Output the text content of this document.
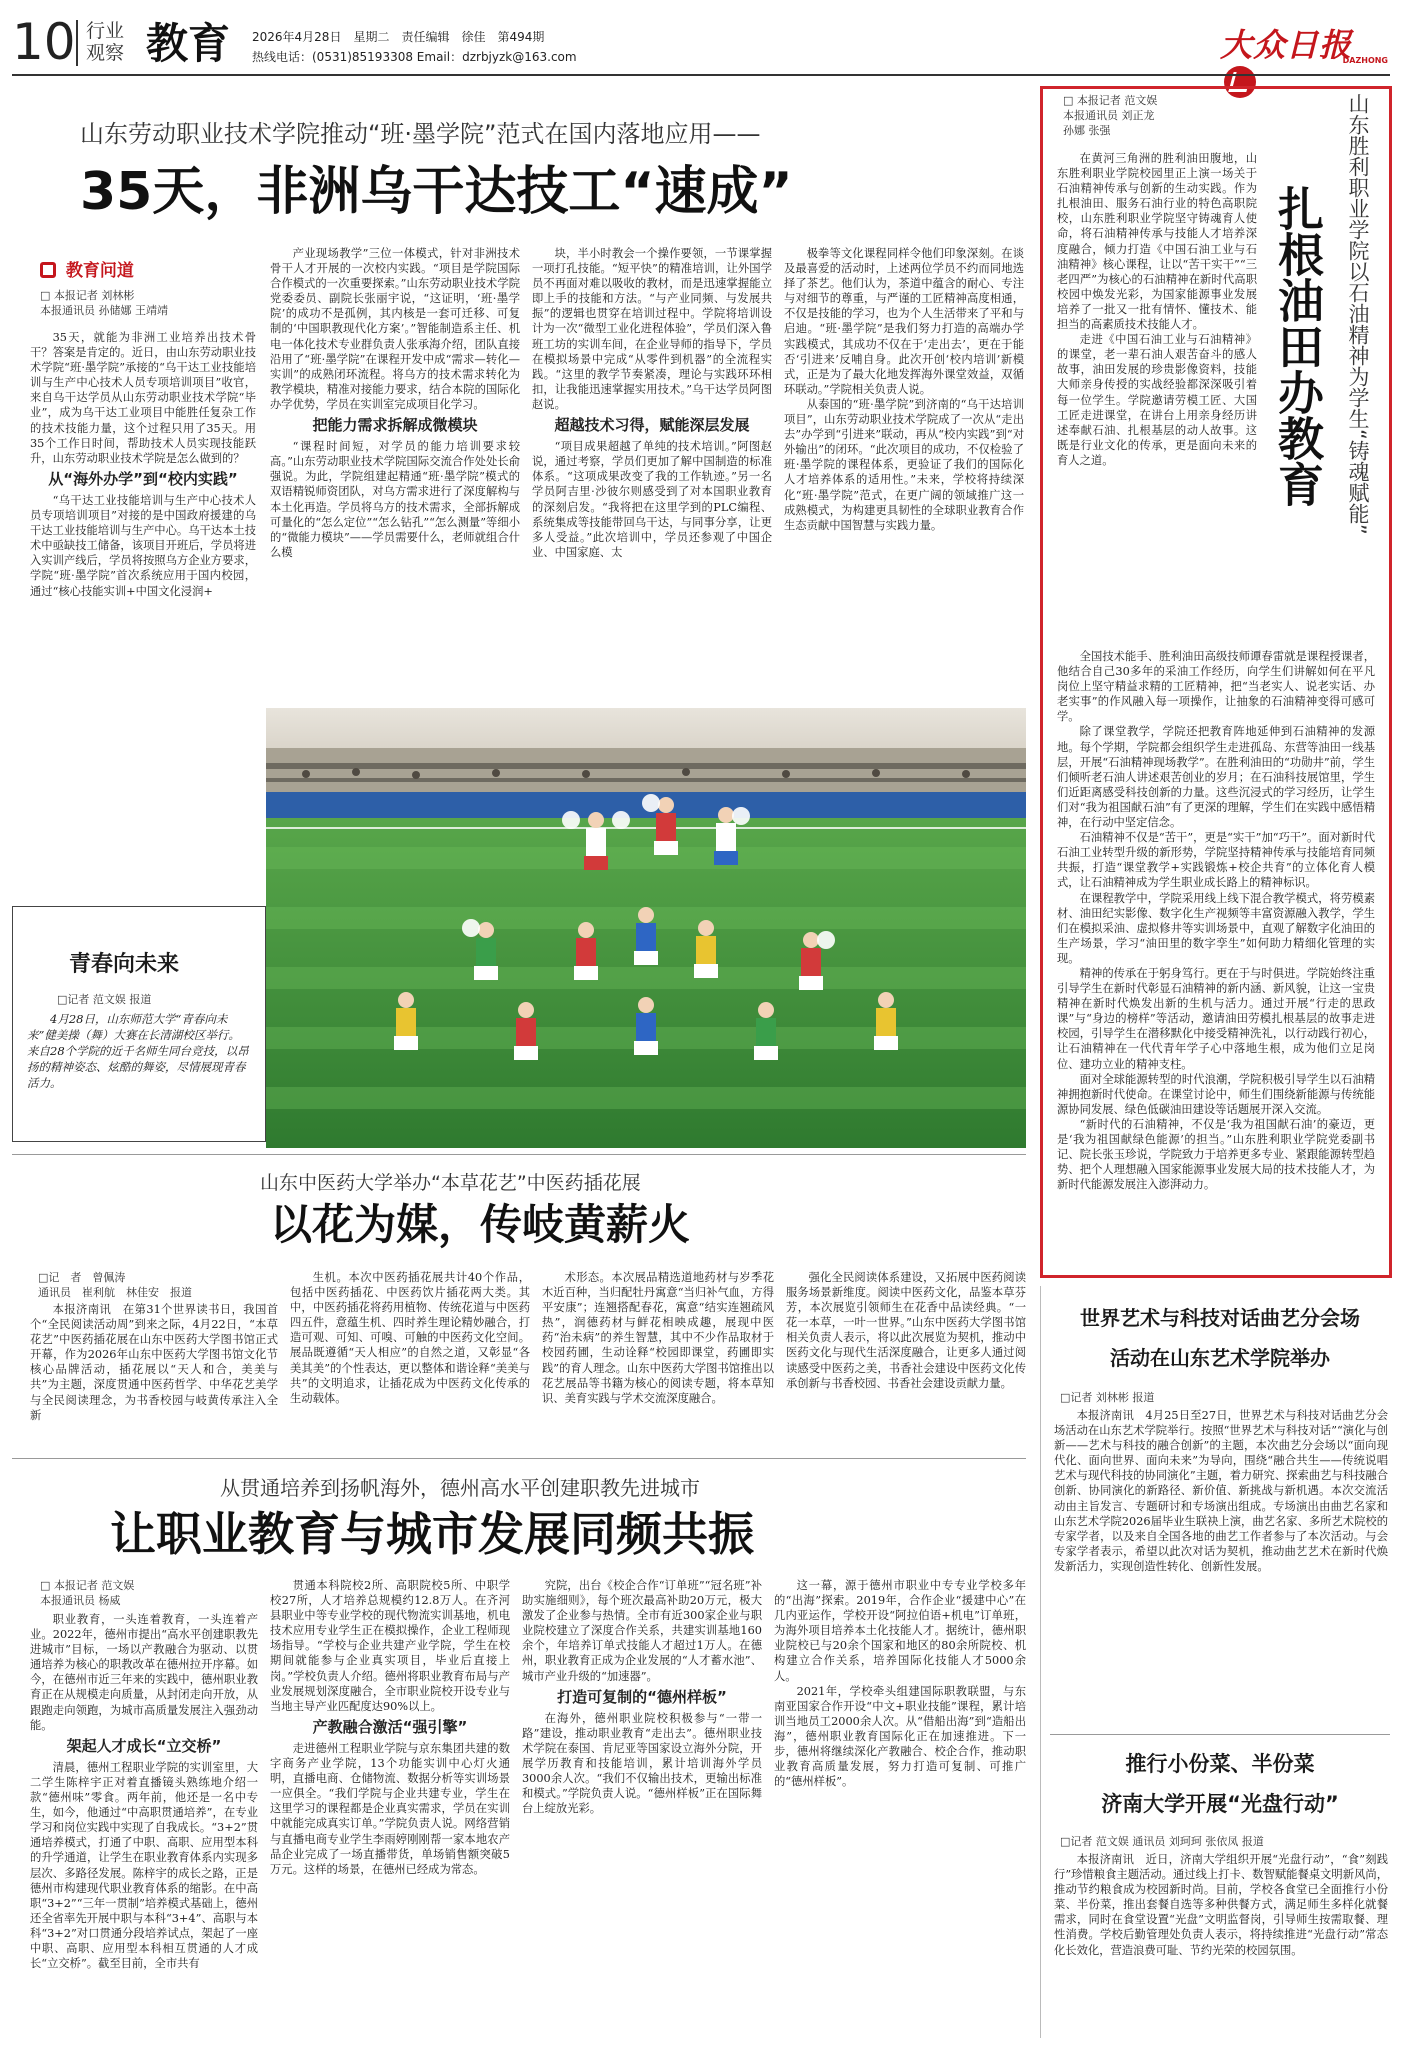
10 行业
观察 教育 2026年4月28日　星期二　责任编辑　徐佳　第494期
热线电话：(0531)85193308 Email：dzrbjyzk@163.com	大众日报
DAZHONG
山东劳动职业技术学院推动“班·墨学院”范式在国内落地应用——
35天，非洲乌干达技工“速成”
教育问道
□ 本报记者 刘林彬
本报通讯员 孙储娜 王靖靖

35天，就能为非洲工业培养出技术骨干？答案是肯定的。近日，由山东劳动职业技术学院“班·墨学院”承接的“乌干达工业技能培训与生产中心技术人员专项培训项目”收官，来自乌干达学员从山东劳动职业技术学院“毕业”，成为乌干达工业项目中能胜任复杂工作的技术技能力量，这个过程只用了35天。用35个工作日时间，帮助技术人员实现技能跃升，山东劳动职业技术学院是怎么做到的？

从“海外办学”到“校内实践”

“乌干达工业技能培训与生产中心技术人员专项培训项目”对接的是中国政府援建的乌干达工业技能培训与生产中心。乌干达本土技术中亟缺技工储备，该项目开班后，学员将进入实训产线后，学员将按照乌方企业方要求，学院“班·墨学院”首次系统应用于国内校园，通过“核心技能实训+中国文化浸润+

产业现场教学”三位一体模式，针对非洲技术骨干人才开展的一次校内实践。“项目是学院国际合作模式的一次重要探索。”山东劳动职业技术学院党委委员、副院长张丽宇说，“这证明，‘班·墨学院’的成功不是孤例，其内核是一套可迁移、可复制的‘中国职教现代化方案’。”智能制造系主任、机电一体化技术专业群负责人张承海介绍，团队直接沿用了“班·墨学院”在课程开发中成“需求—转化—实训”的成熟闭环流程。将乌方的技术需求转化为教学模块，精准对接能力要求，结合本院的国际化办学优势，学员在实训室完成项目化学习。

把能力需求拆解成微模块

“课程时间短，对学员的能力培训要求较高。”山东劳动职业技术学院国际交流合作处处长俞强说。为此，学院组建起精通“班·墨学院”模式的双语精锐师资团队，对乌方需求进行了深度解构与本土化再造。学员将乌方的技术需求，全部拆解成可量化的“怎么定位”“怎么钻孔”“怎么测量”等细小的“微能力模块”——学员需要什么，老师就组合什么模

块，半小时教会一个操作要领，一节课掌握一项打孔技能。“短平快”的精准培训，让外国学员不再面对难以吸收的教材，而是迅速掌握能立即上手的技能和方法。“与产业同频、与发展共振”的逻辑也贯穿在培训过程中。学院将培训设计为一次“微型工业化进程体验”，学员们深入鲁班工坊的实训车间，在企业导师的指导下，学员在模拟场景中完成“从零件到机器”的全流程实践。“这里的教学节奏紧凑，理论与实践环环相扣，让我能迅速掌握实用技术。”乌干达学员阿图赵说。

超越技术习得，赋能深层发展

“项目成果超越了单纯的技术培训。”阿图赵说，通过考察，学员们更加了解中国制造的标准体系。“这项成果改变了我的工作轨迹。”另一名学员阿吉里·沙彼尔则感受到了对本国职业教育的深刻启发。“我将把在这里学到的PLC编程、系统集成等技能带回乌干达，与同事分享，让更多人受益。”此次培训中，学员还参观了中国企业、中国家庭、太

极拳等文化课程同样令他们印象深刻。在谈及最喜爱的活动时，上述两位学员不约而同地选择了茶艺。他们认为，茶道中蕴含的耐心、专注与对细节的尊重，与严谨的工匠精神高度相通，不仅是技能的学习，也为个人生活带来了平和与启迪。“班·墨学院”是我们努力打造的高端办学实践模式，其成功不仅在于‘走出去’，更在于能否‘引进来’反哺自身。此次开创‘校内培训’新模式，正是为了最大化地发挥海外课堂效益，双循环联动。”学院相关负责人说。

从泰国的“班·墨学院”到济南的“乌干达培训项目”，山东劳动职业技术学院成了一次从“走出去”办学到“引进来”联动，再从“校内实践”到“对外输出”的闭环。“此次项目的成功，不仅检验了班·墨学院的课程体系，更验证了我们的国际化人才培养体系的适用性。”未来，学校将持续深化“班·墨学院”范式，在更广阔的领域推广这一成熟模式，为构建更具韧性的全球职业教育合作生态贡献中国智慧与实践力量。

□ 本报记者 范文娱
本报通讯员 刘正龙
孙娜 张强
扎根油田办教育	山东胜利职业学院以石油精神为学生“铸魂赋能”

在黄河三角洲的胜利油田腹地，山东胜利职业学院校园里正上演一场关于石油精神传承与创新的生动实践。作为扎根油田、服务石油行业的特色高职院校，山东胜利职业学院坚守铸魂育人使命，将石油精神传承与技能人才培养深度融合，倾力打造《中国石油工业与石油精神》核心课程，让以“苦干实干”“三老四严”为核心的石油精神在新时代高职校园中焕发光彩，为国家能源事业发展培养了一批又一批有情怀、懂技术、能担当的高素质技术技能人才。

走进《中国石油工业与石油精神》的课堂，老一辈石油人艰苦奋斗的感人故事，油田发展的珍贵影像资料，技能大师亲身传授的实战经验都深深吸引着每一位学生。学院邀请劳模工匠、大国工匠走进课堂，在讲台上用亲身经历讲述奉献石油、扎根基层的动人故事。这既是行业文化的传承，更是面向未来的育人之道。

全国技术能手、胜利油田高级技师谭春雷就是课程授课者，他结合自己30多年的采油工作经历，向学生们讲解如何在平凡岗位上坚守精益求精的工匠精神，把“当老实人、说老实话、办老实事”的作风融入每一项操作，让抽象的石油精神变得可感可学。

除了课堂教学，学院还把教育阵地延伸到石油精神的发源地。每个学期，学院都会组织学生走进孤岛、东营等油田一线基层，开展“石油精神现场教学”。在胜利油田的“功勋井”前，学生们倾听老石油人讲述艰苦创业的岁月；在石油科技展馆里，学生们近距离感受科技创新的力量。这些沉浸式的学习经历，让学生们对“我为祖国献石油”有了更深的理解，学生们在实践中感悟精神，在行动中坚定信念。

石油精神不仅是“苦干”，更是“实干”加“巧干”。面对新时代石油工业转型升级的新形势，学院坚持精神传承与技能培育同频共振，打造“课堂教学+实践锻炼+校企共育”的立体化育人模式，让石油精神成为学生职业成长路上的精神标识。

在课程教学中，学院采用线上线下混合教学模式，将劳模素材、油田纪实影像、数字化生产视频等丰富资源融入教学，学生们在模拟采油、虚拟修井等实训场景中，直观了解数字化油田的生产场景，学习“油田里的数字孪生”如何助力精细化管理的实现。

精神的传承在于躬身笃行。更在于与时俱进。学院始终注重引导学生在新时代彰显石油精神的新内涵、新风貌，让这一宝贵精神在新时代焕发出新的生机与活力。通过开展“行走的思政课”与“身边的榜样”等活动，邀请油田劳模扎根基层的故事走进校园，引导学生在潜移默化中接受精神洗礼，以行动践行初心，让石油精神在一代代青年学子心中落地生根，成为他们立足岗位、建功立业的精神支柱。

面对全球能源转型的时代浪潮，学院积极引导学生以石油精神拥抱新时代使命。在课堂讨论中，师生们围绕新能源与传统能源协同发展、绿色低碳油田建设等话题展开深入交流。

“新时代的石油精神，不仅是‘我为祖国献石油’的豪迈，更是‘我为祖国献绿色能源’的担当。”山东胜利职业学院党委副书记、院长张玉珍说，学院致力于培养更多专业、紧跟能源转型趋势、把个人理想融入国家能源事业发展大局的技术技能人才，为新时代能源发展注入澎湃动力。

青春向未来
□记者 范文娱 报道
4月28日，山东师范大学“青春向未来”健美操（舞）大赛在长清湖校区举行。来自28个学院的近千名师生同台竞技，以昂扬的精神姿态、炫酷的舞姿，尽情展现青春活力。
山东中医药大学举办“本草花艺”中医药插花展
以花为媒，传岐黄薪火
□记　者　曾佩涛
通讯员　崔利航　林佳安　报道

本报济南讯　在第31个世界读书日，我国首个“全民阅读活动周”到来之际，4月22日，“本草花艺”中医药插花展在山东中医药大学图书馆正式开幕，作为2026年山东中医药大学图书馆文化节核心品牌活动，插花展以“天人和合，美美与共”为主题，深度贯通中医药哲学、中华花艺美学与全民阅读理念，为书香校园与岐黄传承注入全新

生机。本次中医药插花展共计40个作品，包括中医药插花、中医药饮片插花两大类。其中，中医药插花将药用植物、传统花道与中医药四五件，意蕴生机、四时养生理论精妙融合，打造可观、可知、可嗅、可触的中医药文化空间。展品既遵循“天人相应”的自然之道，又彰显“各美其美”的个性表达，更以整体和谐诠释“美美与共”的文明追求，让插花成为中医药文化传承的生动载体。

术形态。本次展品精选道地药材与岁季花木近百种，当归配牡丹寓意“当归补气血，方得平安康”；连翘搭配春花，寓意“结实连翘疏风热”，润德药材与鲜花相映成趣，展现中医药“治未病”的养生智慧，其中不少作品取材于校园药圃，生动诠释“校园即课堂，药圃即实践”的育人理念。山东中医药大学图书馆推出以花艺展品等书籍为核心的阅读专题，将本草知识、美育实践与学术交流深度融合。

强化全民阅读体系建设，又拓展中医药阅读服务场景新维度。阅读中医药文化，品鉴本草芬芳，本次展览引领师生在花香中品读经典。“一花一本草，一叶一世界。”山东中医药大学图书馆相关负责人表示，将以此次展览为契机，推动中医药文化与现代生活深度融合，让更多人通过阅读感受中医药之美，书香社会建设中医药文化传承创新与书香校园、书香社会建设贡献力量。

从贯通培养到扬帆海外，德州高水平创建职教先进城市
让职业教育与城市发展同频共振
□ 本报记者 范文娱
本报通讯员 杨威

职业教育，一头连着教育，一头连着产业。2022年，德州市提出“高水平创建职教先进城市”目标，一场以产教融合为驱动、以贯通培养为核心的职教改革在德州拉开序幕。如今，在德州市近三年来的实践中，德州职业教育正在从规模走向质量，从封闭走向开放，从跟跑走向领跑，为城市高质量发展注入强劲动能。

架起人才成长“立交桥”

清晨，德州工程职业学院的实训室里，大二学生陈梓宇正对着直播镜头熟练地介绍一款“德州味”零食。两年前，他还是一名中专生，如今，他通过“中高职贯通培养”，在专业学习和岗位实践中实现了自我成长。“3+2”贯通培养模式，打通了中职、高职、应用型本科的升学通道，让学生在职业教育体系内实现多层次、多路径发展。陈梓宇的成长之路，正是德州市构建现代职业教育体系的缩影。在中高职“3+2”“三年一贯制”培养模式基础上，德州还全省率先开展中职与本科“3+4”、高职与本科“3+2”对口贯通分段培养试点，架起了一座中职、高职、应用型本科相互贯通的人才成长“立交桥”。截至目前，全市共有

贯通本科院校2所、高职院校5所、中职学校27所，人才培养总规模约12.8万人。在齐河县职业中等专业学校的现代物流实训基地，机电技术应用专业学生正在模拟操作，企业工程师现场指导。“学校与企业共建产业学院，学生在校期间就能参与企业真实项目，毕业后直接上岗。”学校负责人介绍。德州将职业教育布局与产业发展规划深度融合，全市职业院校开设专业与当地主导产业匹配度达90%以上。

产教融合激活“强引擎”

走进德州工程职业学院与京东集团共建的数字商务产业学院，13个功能实训中心灯火通明，直播电商、仓储物流、数据分析等实训场景一应俱全。“我们学院与企业共建专业，学生在这里学习的课程都是企业真实需求，学员在实训中就能完成真实订单。”学院负责人说。网络营销与直播电商专业学生李雨婷刚刚帮一家本地农产品企业完成了一场直播带货，单场销售额突破5万元。这样的场景，在德州已经成为常态。

究院，出台《校企合作“订单班”“冠名班”补助实施细则》，每个班次最高补助20万元，极大激发了企业参与热情。全市有近300家企业与职业院校建立了深度合作关系，共建实训基地160余个，年培养订单式技能人才超过1万人。在德州，职业教育正成为企业发展的“人才蓄水池”、城市产业升级的“加速器”。

打造可复制的“德州样板”

在海外，德州职业院校积极参与“一带一路”建设，推动职业教育“走出去”。德州职业技术学院在泰国、肯尼亚等国家设立海外分院，开展学历教育和技能培训，累计培训海外学员3000余人次。“我们不仅输出技术，更输出标准和模式。”学院负责人说。“德州样板”正在国际舞台上绽放光彩。

这一幕，源于德州市职业中专专业学校多年的“出海”探索。2019年，合作企业“援建中心”在几内亚运作，学校开设“阿拉伯语+机电”订单班，为海外项目培养本土化技能人才。据统计，德州职业院校已与20余个国家和地区的80余所院校、机构建立合作关系，培养国际化技能人才5000余人。

2021年，学校牵头组建国际职教联盟，与东南亚国家合作开设“中文+职业技能”课程，累计培训当地员工2000余人次。从“借船出海”到“造船出海”，德州职业教育国际化正在加速推进。下一步，德州将继续深化产教融合、校企合作，推动职业教育高质量发展，努力打造可复制、可推广的“德州样板”。

世界艺术与科技对话曲艺分会场
活动在山东艺术学院举办
□记者 刘林彬 报道

本报济南讯　4月25日至27日，世界艺术与科技对话曲艺分会场活动在山东艺术学院举行。按照“世界艺术与科技对话”“演化与创新——艺术与科技的融合创新”的主题，本次曲艺分会场以“面向现代化、面向世界、面向未来”为导向，围绕“融合共生——传统说唱艺术与现代科技的协同演化”主题，着力研究、探索曲艺与科技融合创新、协同演化的新路径、新价值、新挑战与新机遇。本次交流活动由主旨发言、专题研讨和专场演出组成。专场演出由曲艺名家和山东艺术学院2026届毕业生联袂上演，曲艺名家、多所艺术院校的专家学者，以及来自全国各地的曲艺工作者参与了本次活动。与会专家学者表示，希望以此次对话为契机，推动曲艺艺术在新时代焕发新活力，实现创造性转化、创新性发展。

推行小份菜、半份菜
济南大学开展“光盘行动”
□记者 范文娱 通讯员 刘珂珂 张依凤 报道

本报济南讯　近日，济南大学组织开展“光盘行动”，“食”刻践行”珍惜粮食主题活动。通过线上打卡、数智赋能餐桌文明新风尚，推动节约粮食成为校园新时尚。目前，学校各食堂已全面推行小份菜、半份菜，推出套餐自选等多种供餐方式，满足师生多样化就餐需求，同时在食堂设置“光盘”文明监督岗，引导师生按需取餐、理性消费。学校后勤管理处负责人表示，将持续推进“光盘行动”常态化长效化，营造浪费可耻、节约光荣的校园氛围。
